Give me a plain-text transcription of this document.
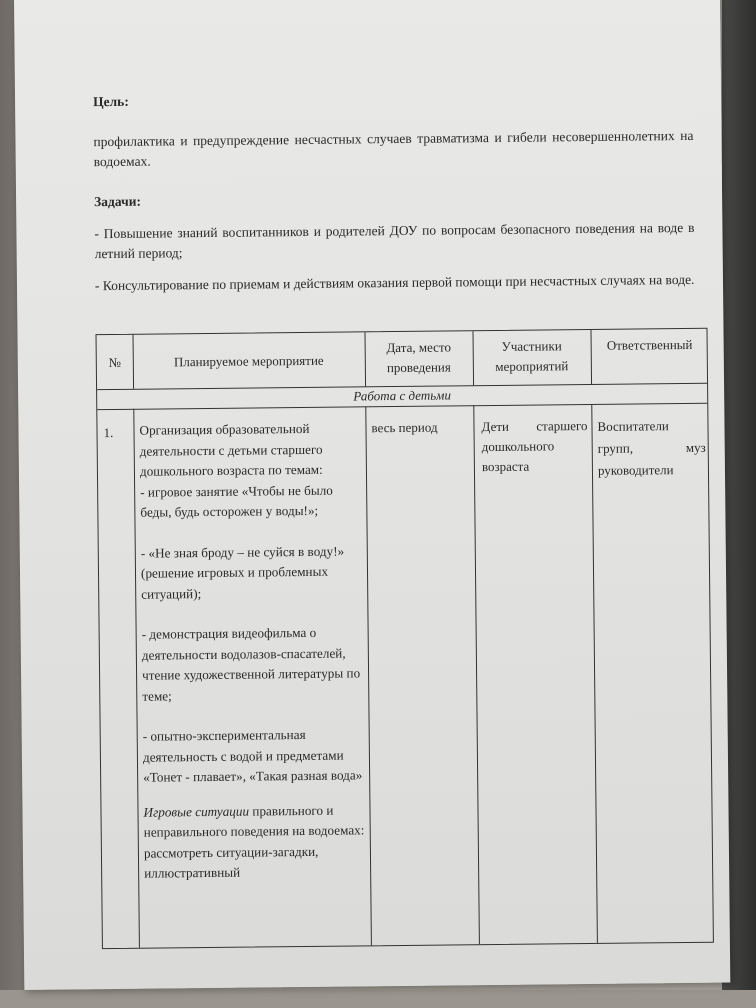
Цель:

профилактика и предупреждение несчастных случаев травматизма и гибели несовершеннолетних на водоемах.

Задачи:

- Повышение знаний воспитанников и родителей ДОУ по вопросам безопасного поведения на воде в летний период;

- Консультирование по приемам и действиям оказания первой помощи при несчастных случаях на воде.

№	Планируемое мероприятие
Дата, место проведения
Участники мероприятий
Ответственный
Работа с детьми
1. Организация образовательной деятельности с детьми старшего дошкольного возраста по темам:

- игровое занятие «Чтобы не было беды, будь осторожен у воды!»;

- «Не зная броду – не суйся в воду!» (решение игровых и проблемных ситуаций);

- демонстрация видеофильма о деятельности водолазов-спасателей, чтение художественной литературы по теме;

- опытно-экспериментальная деятельность с водой и предметами «Тонет - плавает», «Такая разная вода»

Игровые ситуации правильного и неправильного поведения на водоемах: рассмотреть ситуации-загадки, иллюстративный

весь период	Дети старшего дошкольного возраста
Воспитатели групп, муз руководители
